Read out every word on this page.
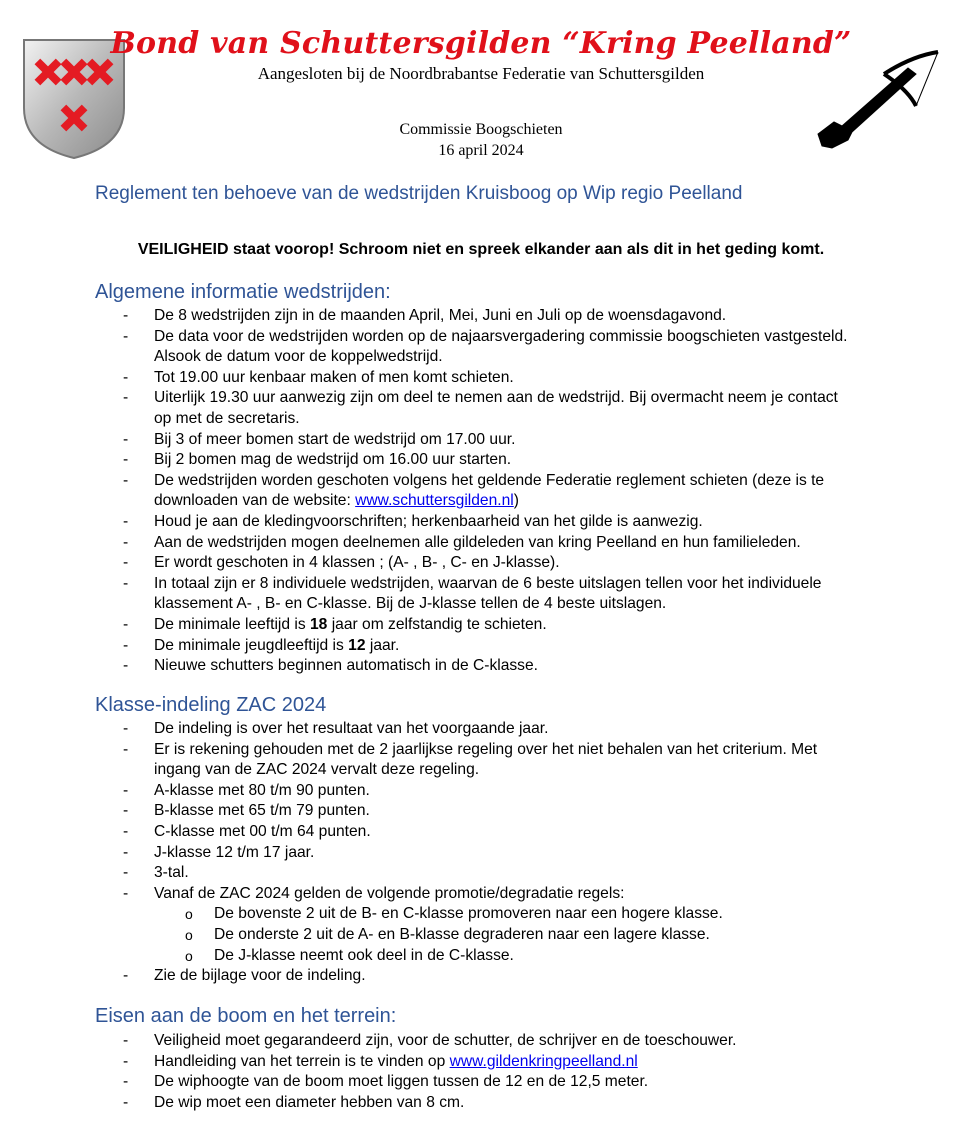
Bond van Schuttersgilden “Kring Peelland”
Aangesloten bij de Noordbrabantse Federatie van Schuttersgilden
Commissie Boogschieten
16 april 2024
Reglement ten behoeve van de wedstrijden Kruisboog op Wip regio Peelland
VEILIGHEID staat voorop! Schroom niet en spreek elkander aan als dit in het geding komt.
Algemene informatie wedstrijden:
- De 8 wedstrijden zijn in de maanden April, Mei, Juni en Juli op de woensdagavond.
- De data voor de wedstrijden worden op de najaarsvergadering commissie boogschieten vastgesteld. Alsook de datum voor de koppelwedstrijd.
- Tot 19.00 uur kenbaar maken of men komt schieten.
- Uiterlijk 19.30 uur aanwezig zijn om deel te nemen aan de wedstrijd. Bij overmacht neem je contact op met de secretaris.
- Bij 3 of meer bomen start de wedstrijd om 17.00 uur.
- Bij 2 bomen mag de wedstrijd om 16.00 uur starten.
- De wedstrijden worden geschoten volgens het geldende Federatie reglement schieten (deze is te downloaden van de website: www.schuttersgilden.nl)
- Houd je aan de kledingvoorschriften; herkenbaarheid van het gilde is aanwezig.
- Aan de wedstrijden mogen deelnemen alle gildeleden van kring Peelland en hun familieleden.
- Er wordt geschoten in 4 klassen ; (A- , B- , C- en J-klasse).
- In totaal zijn er 8 individuele wedstrijden, waarvan de 6 beste uitslagen tellen voor het individuele klassement A- , B- en C-klasse. Bij de J-klasse tellen de 4 beste uitslagen.
- De minimale leeftijd is 18 jaar om zelfstandig te schieten.
- De minimale jeugdleeftijd is 12 jaar.
- Nieuwe schutters beginnen automatisch in de C-klasse.
Klasse-indeling ZAC 2024
- De indeling is over het resultaat van het voorgaande jaar.
- Er is rekening gehouden met de 2 jaarlijkse regeling over het niet behalen van het criterium. Met ingang van de ZAC 2024 vervalt deze regeling.
- A-klasse met 80 t/m 90 punten.
- B-klasse met 65 t/m 79 punten.
- C-klasse met 00 t/m 64 punten.
- J-klasse 12 t/m 17 jaar.
- 3-tal.
- Vanaf de ZAC 2024 gelden de volgende promotie/degradatie regels:
o De bovenste 2 uit de B- en C-klasse promoveren naar een hogere klasse.
o De onderste 2 uit de A- en B-klasse degraderen naar een lagere klasse.
o De J-klasse neemt ook deel in de C-klasse.
- Zie de bijlage voor de indeling.
Eisen aan de boom en het terrein:
- Veiligheid moet gegarandeerd zijn, voor de schutter, de schrijver en de toeschouwer.
- Handleiding van het terrein is te vinden op www.gildenkringpeelland.nl
- De wiphoogte van de boom moet liggen tussen de 12 en de 12,5 meter.
- De wip moet een diameter hebben van 8 cm.
